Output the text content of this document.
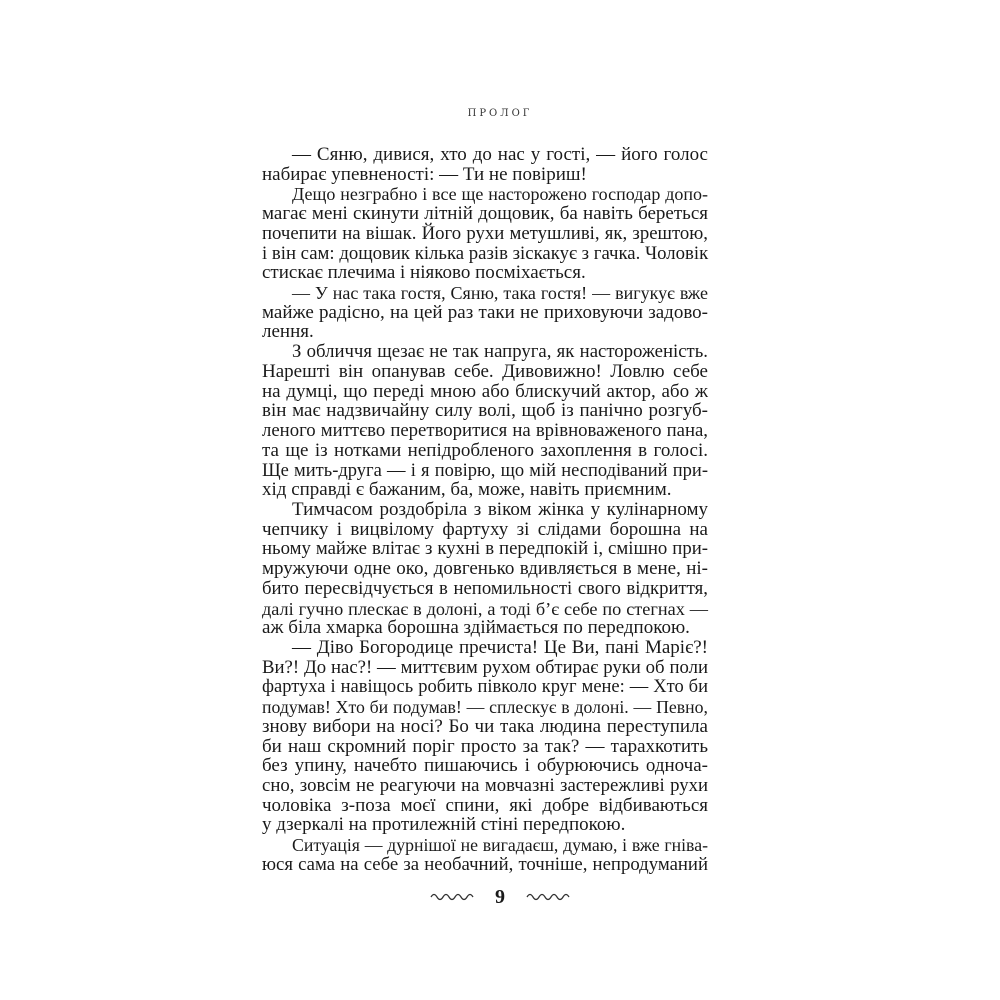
ПРОЛОГ
— Сяню, дивися, хто до нас у гості, — його голос
набирає упевненості: — Ти не повіриш!
Дещо незграбно і все ще насторожено господар допо-
магає мені скинути літній дощовик, ба навіть береться
почепити на вішак. Його рухи метушливі, як, зрештою,
і він сам: дощовик кілька разів зіскакує з гачка. Чоловік
стискає плечима і ніяково посміхається.
— У нас така гостя, Сяню, така гостя! — вигукує вже
майже радісно, на цей раз таки не приховуючи задово-
лення.
З обличчя щезає не так напруга, як настороженість.
Нарешті він опанував себе. Дивовижно! Ловлю себе
на думці, що переді мною або блискучий актор, або ж
він має надзвичайну силу волі, щоб із панічно розгуб-
леного миттєво перетворитися на врівноваженого пана,
та ще із нотками непідробленого захоплення в голосі.
Ще мить-друга — і я повірю, що мій несподіваний при-
хід справді є бажаним, ба, може, навіть приємним.
Тимчасом роздобріла з віком жінка у кулінарному
чепчику і вицвілому фартуху зі слідами борошна на
ньому майже влітає з кухні в передпокій і, смішно при-
мружуючи одне око, довгенько вдивляється в мене, ні-
бито пересвідчується в непомильності свого відкриття,
далі гучно плескає в долоні, а тоді б’є себе по стегнах —
аж біла хмарка борошна здіймається по передпокою.
— Діво Богородице пречиста! Це Ви, пані Маріє?!
Ви?! До нас?! — миттєвим рухом обтирає руки об поли
фартуха і навіщось робить півколо круг мене: — Хто би
подумав! Хто би подумав! — сплескує в долоні. — Певно,
знову вибори на носі? Бо чи така людина переступила
би наш скромний поріг просто за так? — тарахкотить
без упину, начебто пишаючись і обурюючись одноча-
сно, зовсім не реагуючи на мовчазні застережливі рухи
чоловіка з-поза моєї спини, які добре відбиваються
у дзеркалі на протилежній стіні передпокою.
Ситуація — дурнішої не вигадаєш, думаю, і вже гніва-
юся сама на себе за необачний, точніше, непродуманий
9
